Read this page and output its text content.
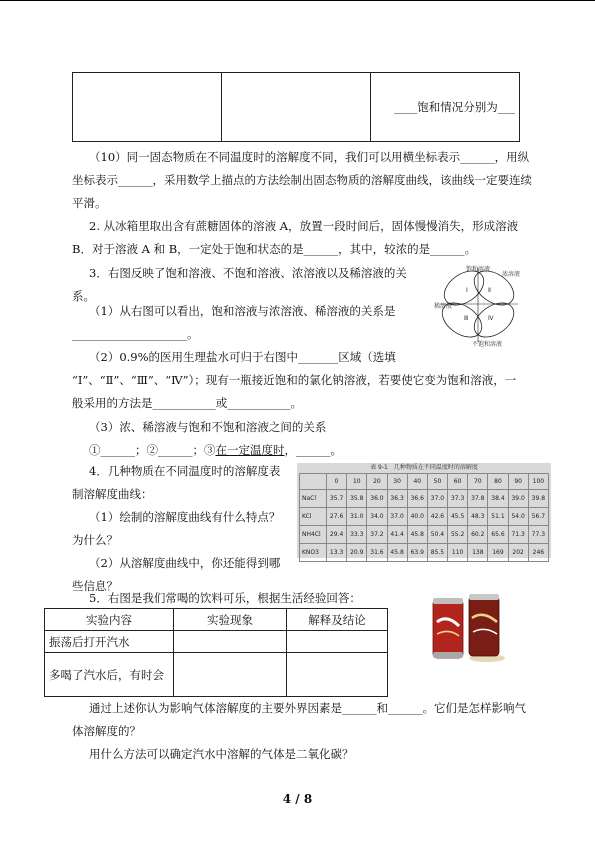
		____饱和情况分别为___
（10）同一固态物质在不同温度时的溶解度不同，我们可以用横坐标表示______，用纵
坐标表示______，采用数学上描点的方法绘制出固态物质的溶解度曲线，该曲线一定要连续
平滑。
2. 从冰箱里取出含有蔗糖固体的溶液 A，放置一段时间后，固体慢慢消失，形成溶液
B．对于溶液 A 和 B，一定处于饱和状态的是______，其中，较浓的是______。
3．右图反映了饱和溶液、不饱和溶液、浓溶液以及稀溶液的关
系。
（1）从右图可以看出，饱和溶液与浓溶液、稀溶液的关系是
____________________。
饱和溶液
浓溶液
稀溶液
不饱和溶液
Ⅰ	Ⅱ
Ⅲ	Ⅳ
（2）0.9%的医用生理盐水可归于右图中_______区域（选填
“Ⅰ”、“Ⅱ”、“Ⅲ”、“Ⅳ”）；现有一瓶接近饱和的氯化钠溶液，若要使它变为饱和溶液，一
般采用的方法是___________或___________。
（3）浓、稀溶液与饱和不饱和溶液之间的关系
①______；②______；③在一定温度时，______。
4．几种物质在不同温度时的溶解度表
制溶解度曲线：
（1）绘制的溶解度曲线有什么特点？
为什么？
（2）从溶解度曲线中，你还能得到哪
些信息？
表 9-1　几种物质在不同温度时的溶解度
	0	10	20	30	40	50	60	70	80	90	100
NaCl	35.7	35.8	36.0	36.3	36.6	37.0	37.3	37.8	38.4	39.0	39.8
KCl	27.6	31.0	34.0	37.0	40.0	42.6	45.5	48.3	51.1	54.0	56.7
NH4Cl	29.4	33.3	37.2	41.4	45.8	50.4	55.2	60.2	65.6	71.3	77.3
KNO3	13.3	20.9	31.6	45.8	63.9	85.5	110	138	169	202	246
5．右图是我们常喝的饮料可乐，根据生活经验回答：
实验内容	实验现象	解释及结论
振荡后打开汽水		
多喝了汽水后，有时会		
通过上述你认为影响气体溶解度的主要外界因素是______和______。它们是怎样影响气
体溶解度的？
用什么方法可以确定汽水中溶解的气体是二氧化碳？
4 / 8
